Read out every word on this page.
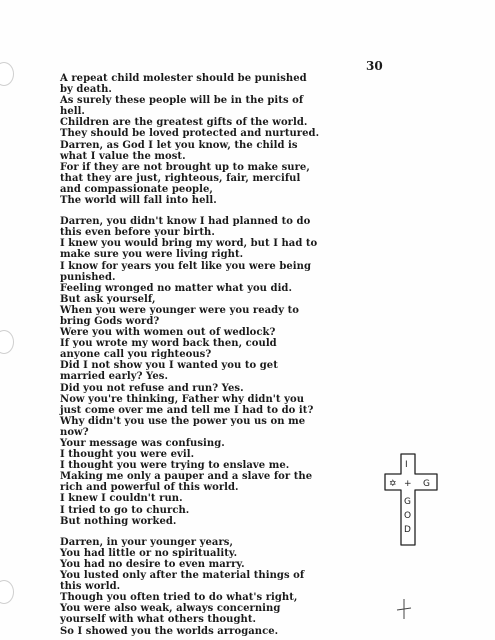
30
A repeat child molester should be punished
by death.
As surely these people will be in the pits of
hell.
Children are the greatest gifts of the world.
They should be loved protected and nurtured.
Darren, as God I let you know, the child is
what I value the most.
For if they are not brought up to make sure,
that they are just, righteous, fair, merciful
and compassionate people,
The world will fall into hell.
Darren, you didn't know I had planned to do
this even before your birth.
I knew you would bring my word, but I had to
make sure you were living right.
I know for years you felt like you were being
punished.
Feeling wronged no matter what you did.
But ask yourself,
When you were younger were you ready to
bring Gods word?
Were you with women out of wedlock?
If you wrote my word back then, could
anyone call you righteous?
Did I not show you I wanted you to get
married early? Yes.
Did you not refuse and run? Yes.
Now you're thinking, Father why didn't you
just come over me and tell me I had to do it?
Why didn't you use the power you us on me
now?
Your message was confusing.
I thought you were evil.
I thought you were trying to enslave me.
Making me only a pauper and a slave for the
rich and powerful of this world.
I knew I couldn't run.
I tried to go to church.
But nothing worked.
Darren, in your younger years,
You had little or no spirituality.
You had no desire to even marry.
You lusted only after the material things of
this world.
Though you often tried to do what's right,
You were also weak, always concerning
yourself with what others thought.
So I showed you the worlds arrogance.
I
G
✡ +
G
O
D
